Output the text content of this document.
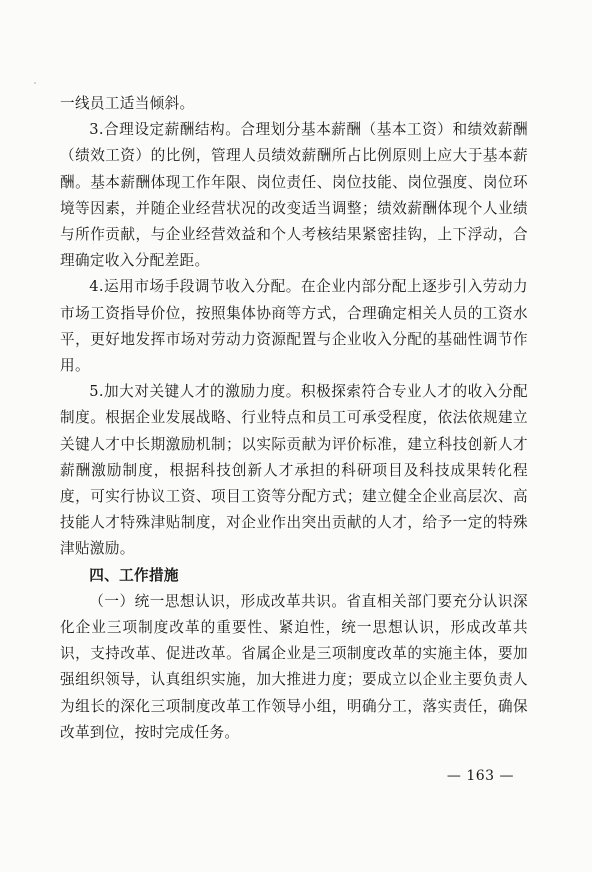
一线员工适当倾斜。

3.合理设定薪酬结构。合理划分基本薪酬（基本工资）和绩效薪酬（绩效工资）的比例，管理人员绩效薪酬所占比例原则上应大于基本薪酬。基本薪酬体现工作年限、岗位责任、岗位技能、岗位强度、岗位环境等因素，并随企业经营状况的改变适当调整；绩效薪酬体现个人业绩与所作贡献，与企业经营效益和个人考核结果紧密挂钩，上下浮动，合理确定收入分配差距。

4.运用市场手段调节收入分配。在企业内部分配上逐步引入劳动力市场工资指导价位，按照集体协商等方式，合理确定相关人员的工资水平，更好地发挥市场对劳动力资源配置与企业收入分配的基础性调节作用。

5.加大对关键人才的激励力度。积极探索符合专业人才的收入分配制度。根据企业发展战略、行业特点和员工可承受程度，依法依规建立关键人才中长期激励机制；以实际贡献为评价标准，建立科技创新人才薪酬激励制度，根据科技创新人才承担的科研项目及科技成果转化程度，可实行协议工资、项目工资等分配方式；建立健全企业高层次、高技能人才特殊津贴制度，对企业作出突出贡献的人才，给予一定的特殊津贴激励。

四、工作措施

（一）统一思想认识，形成改革共识。省直相关部门要充分认识深化企业三项制度改革的重要性、紧迫性，统一思想认识，形成改革共识，支持改革、促进改革。省属企业是三项制度改革的实施主体，要加强组织领导，认真组织实施，加大推进力度；要成立以企业主要负责人为组长的深化三项制度改革工作领导小组，明确分工，落实责任，确保改革到位，按时完成任务。

— 163 —
